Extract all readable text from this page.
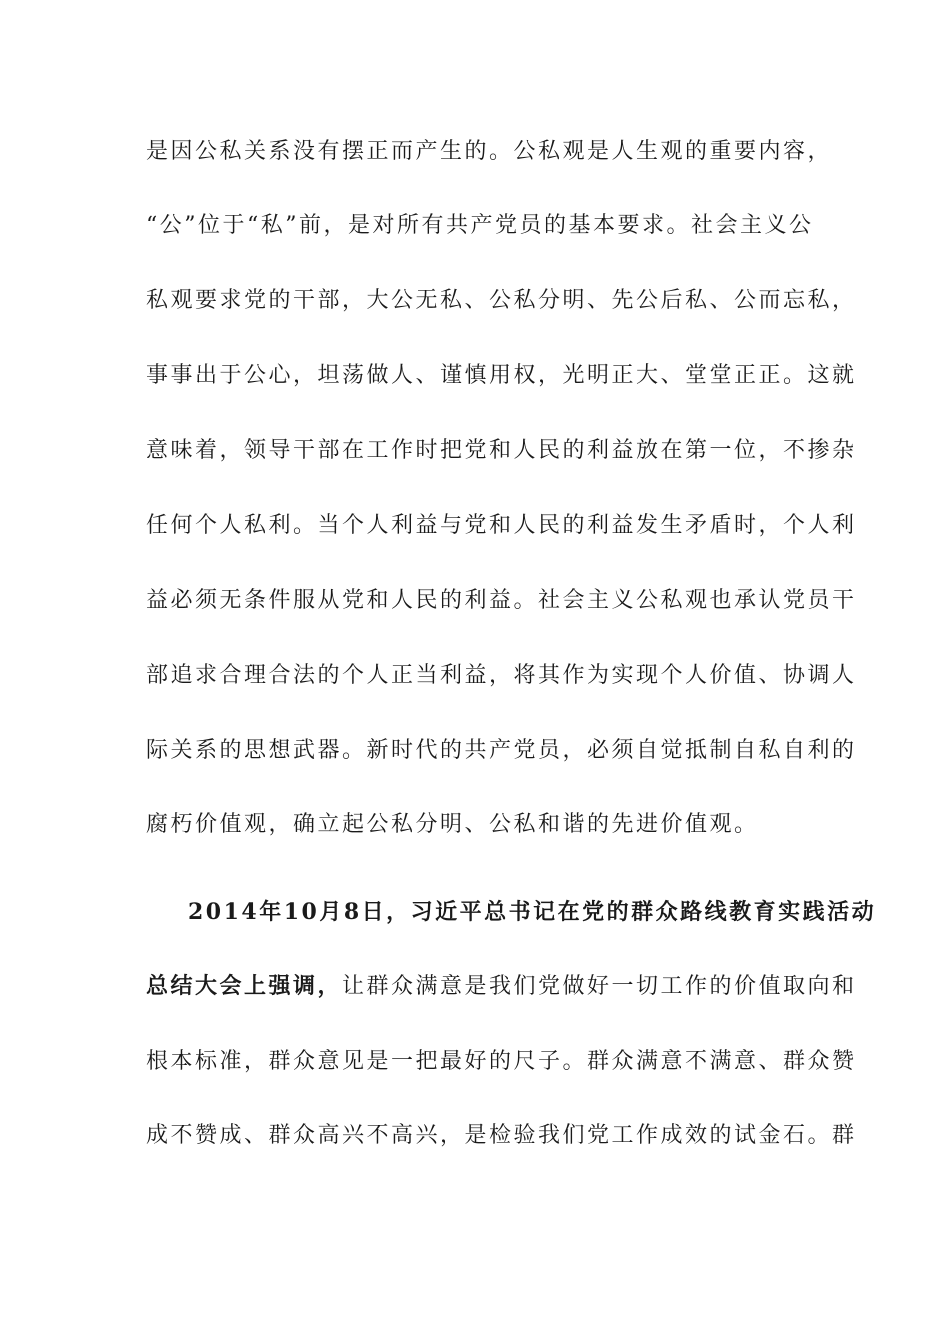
是因公私关系没有摆正而产生的。公私观是人生观的重要内容，
“公”位于“私”前，是对所有共产党员的基本要求。社会主义公
私观要求党的干部，大公无私、公私分明、先公后私、公而忘私，
事事出于公心，坦荡做人、谨慎用权，光明正大、堂堂正正。这就
意味着，领导干部在工作时把党和人民的利益放在第一位，不掺杂
任何个人私利。当个人利益与党和人民的利益发生矛盾时，个人利
益必须无条件服从党和人民的利益。社会主义公私观也承认党员干
部追求合理合法的个人正当利益，将其作为实现个人价值、协调人
际关系的思想武器。新时代的共产党员，必须自觉抵制自私自利的
腐朽价值观，确立起公私分明、公私和谐的先进价值观。
2014年10月8日，习近平总书记在党的群众路线教育实践活动
总结大会上强调，让群众满意是我们党做好一切工作的价值取向和
根本标准，群众意见是一把最好的尺子。群众满意不满意、群众赞
成不赞成、群众高兴不高兴，是检验我们党工作成效的试金石。群
